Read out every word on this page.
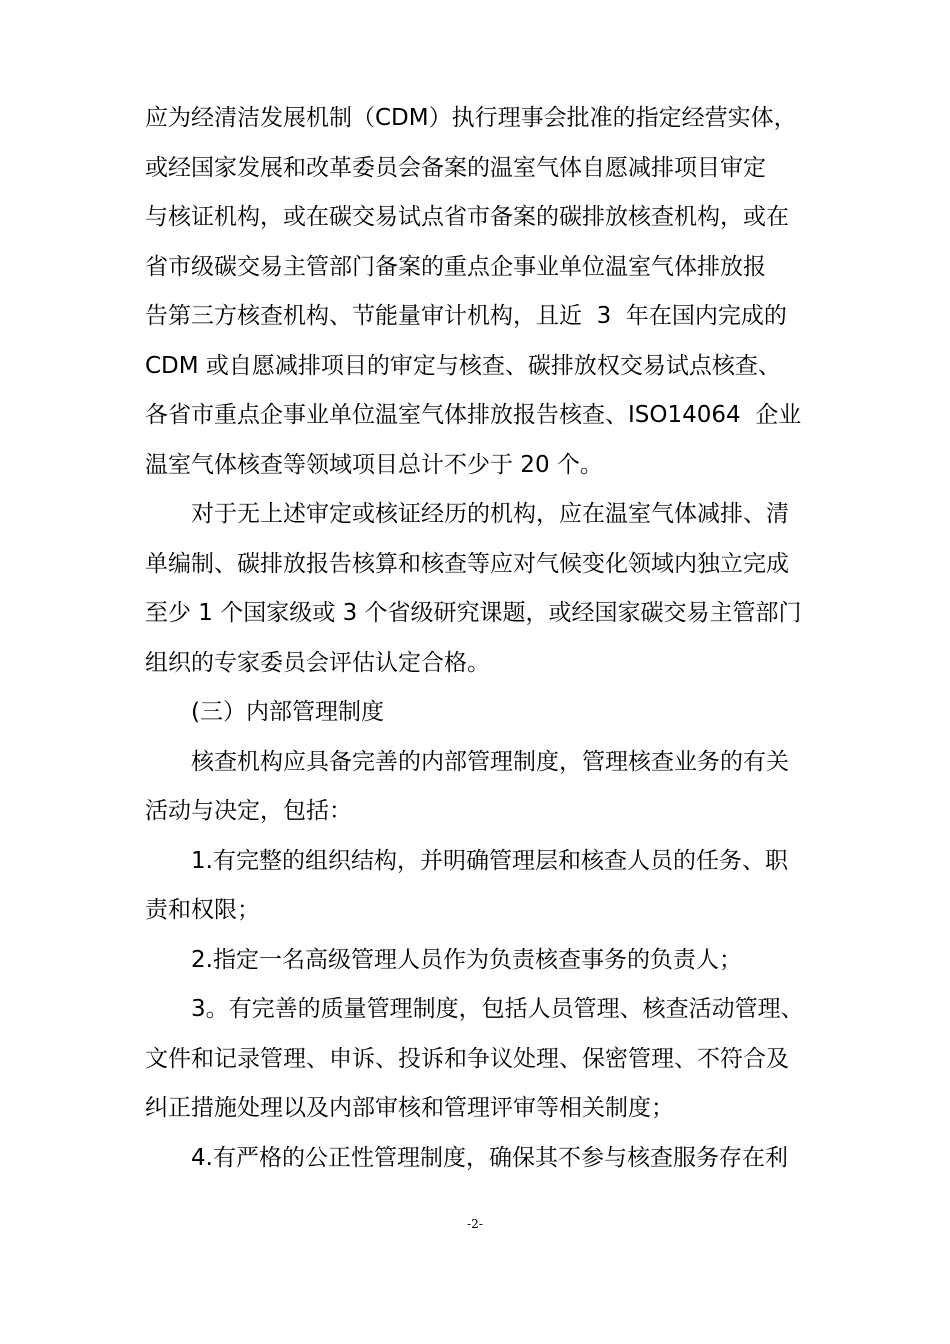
应为经清洁发展机制（CDM）执行理事会批准的指定经营实体，
或经国家发展和改革委员会备案的温室气体自愿减排项目审定
与核证机构，或在碳交易试点省市备案的碳排放核查机构，或在
省市级碳交易主管部门备案的重点企事业单位温室气体排放报
告第三方核查机构、节能量审计机构，且近  3  年在国内完成的
CDM 或自愿减排项目的审定与核查、碳排放权交易试点核查、
各省市重点企事业单位温室气体排放报告核查、ISO14064  企业
温室气体核查等领域项目总计不少于 20 个。
对于无上述审定或核证经历的机构，应在温室气体减排、清
单编制、碳排放报告核算和核查等应对气候变化领域内独立完成
至少 1 个国家级或 3 个省级研究课题，或经国家碳交易主管部门
组织的专家委员会评估认定合格。
(三）内部管理制度
核查机构应具备完善的内部管理制度，管理核查业务的有关
活动与决定，包括：
1.有完整的组织结构，并明确管理层和核查人员的任务、职
责和权限；
2.指定一名高级管理人员作为负责核查事务的负责人；
3。有完善的质量管理制度，包括人员管理、核查活动管理、
文件和记录管理、申诉、投诉和争议处理、保密管理、不符合及
纠正措施处理以及内部审核和管理评审等相关制度；
4.有严格的公正性管理制度，确保其不参与核查服务存在利
-2-
